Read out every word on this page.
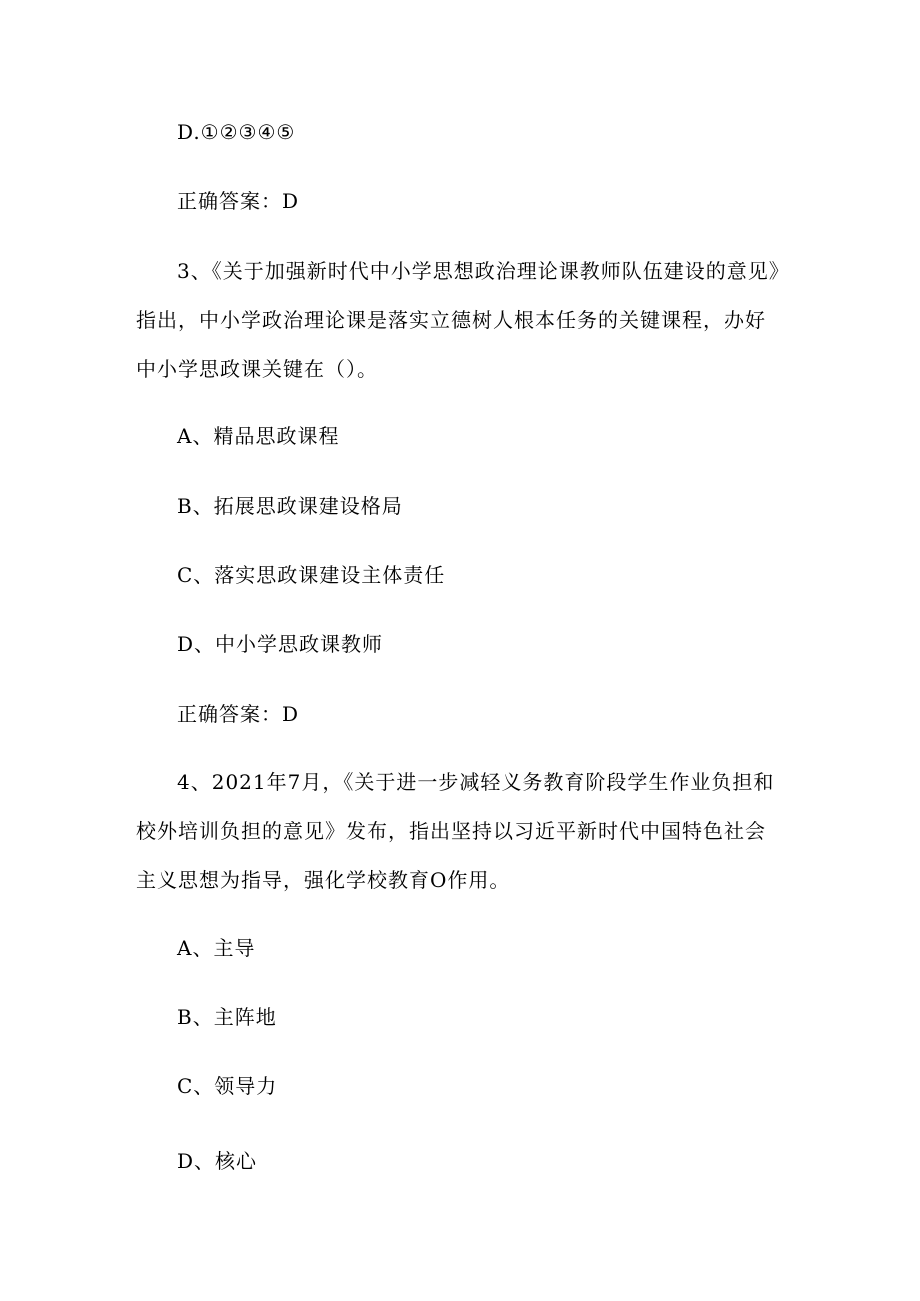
D.①②③④⑤
正确答案：D
3、《关于加强新时代中小学思想政治理论课教师队伍建设的意见》
指出，中小学政治理论课是落实立德树人根本任务的关键课程，办好
中小学思政课关键在（）。
A、精品思政课程
B、拓展思政课建设格局
C、落实思政课建设主体责任
D、中小学思政课教师
正确答案：D
4、2021年7月，《关于进一步减轻义务教育阶段学生作业负担和
校外培训负担的意见》发布，指出坚持以习近平新时代中国特色社会
主义思想为指导，强化学校教育O作用。
A、主导
B、主阵地
C、领导力
D、核心
